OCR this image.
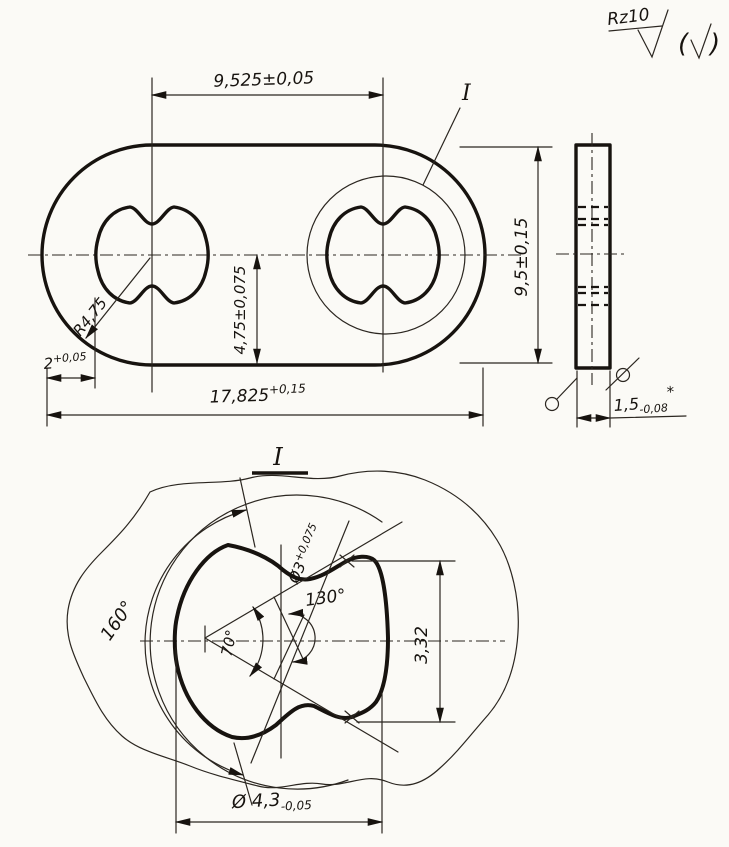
Rz10
( )
I
9,525±0,05
9,5±0,15
4,75±0,075
$17,825^{+0,15}$
$2^{+0,05}$
R4,75
$1,5_{-0,08}*$
I
70°
130°
160°
$Ø3^{+0,075}$
3,32
Ø $4,3_{-0,05}$
